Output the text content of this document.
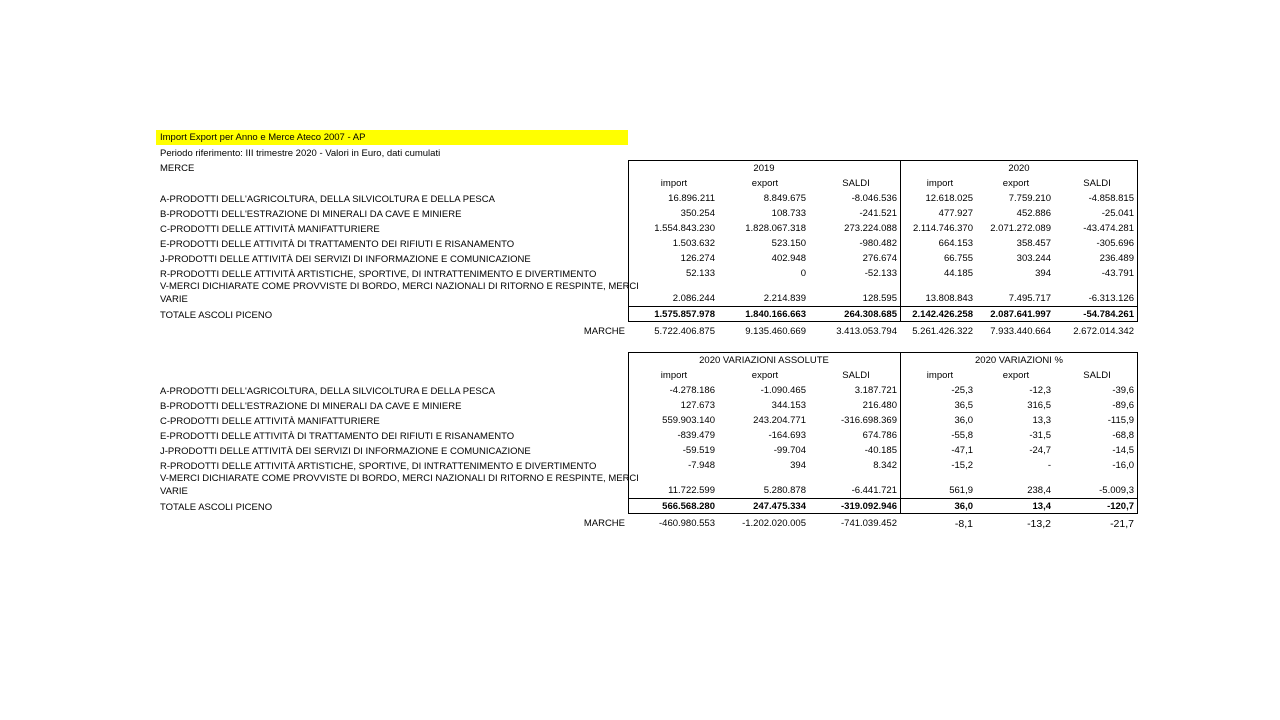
Import Export per Anno e Merce Ateco 2007 - AP
Periodo riferimento: III trimestre 2020 - Valori in Euro, dati cumulati
MERCE	2019	2020
import	export	SALDI	import	export	SALDI
A-PRODOTTI DELL'AGRICOLTURA, DELLA SILVICOLTURA E DELLA PESCA	16.896.211	8.849.675	-8.046.536	12.618.025	7.759.210	-4.858.815
B-PRODOTTI DELL'ESTRAZIONE DI MINERALI DA CAVE E MINIERE	350.254	108.733	-241.521	477.927	452.886	-25.041
C-PRODOTTI DELLE ATTIVITÀ MANIFATTURIERE	1.554.843.230	1.828.067.318	273.224.088	2.114.746.370	2.071.272.089	-43.474.281
E-PRODOTTI DELLE ATTIVITÀ DI TRATTAMENTO DEI RIFIUTI E RISANAMENTO	1.503.632	523.150	-980.482	664.153	358.457	-305.696
J-PRODOTTI DELLE ATTIVITÀ DEI SERVIZI DI INFORMAZIONE E COMUNICAZIONE	126.274	402.948	276.674	66.755	303.244	236.489
R-PRODOTTI DELLE ATTIVITÀ ARTISTICHE, SPORTIVE, DI INTRATTENIMENTO E DIVERTIMENTO	52.133	0	-52.133	44.185	394	-43.791
V-MERCI DICHIARATE COME PROVVISTE DI BORDO, MERCI NAZIONALI DI RITORNO E RESPINTE, MERCI
VARIE	2.086.244	2.214.839	128.595	13.808.843	7.495.717	-6.313.126
TOTALE ASCOLI PICENO	1.575.857.978	1.840.166.663	264.308.685	2.142.426.258	2.087.641.997	-54.784.261
MARCHE	5.722.406.875	9.135.460.669	3.413.053.794	5.261.426.322	7.933.440.664	2.672.014.342
2020 VARIAZIONI ASSOLUTE	2020 VARIAZIONI %
import	export	SALDI	import	export	SALDI
A-PRODOTTI DELL'AGRICOLTURA, DELLA SILVICOLTURA E DELLA PESCA	-4.278.186	-1.090.465	3.187.721	-25,3	-12,3	-39,6
B-PRODOTTI DELL'ESTRAZIONE DI MINERALI DA CAVE E MINIERE	127.673	344.153	216.480	36,5	316,5	-89,6
C-PRODOTTI DELLE ATTIVITÀ MANIFATTURIERE	559.903.140	243.204.771	-316.698.369	36,0	13,3	-115,9
E-PRODOTTI DELLE ATTIVITÀ DI TRATTAMENTO DEI RIFIUTI E RISANAMENTO	-839.479	-164.693	674.786	-55,8	-31,5	-68,8
J-PRODOTTI DELLE ATTIVITÀ DEI SERVIZI DI INFORMAZIONE E COMUNICAZIONE	-59.519	-99.704	-40.185	-47,1	-24,7	-14,5
R-PRODOTTI DELLE ATTIVITÀ ARTISTICHE, SPORTIVE, DI INTRATTENIMENTO E DIVERTIMENTO	-7.948	394	8.342	-15,2	-	-16,0
V-MERCI DICHIARATE COME PROVVISTE DI BORDO, MERCI NAZIONALI DI RITORNO E RESPINTE, MERCI
VARIE	11.722.599	5.280.878	-6.441.721	561,9	238,4	-5.009,3
TOTALE ASCOLI PICENO	566.568.280	247.475.334	-319.092.946	36,0	13,4	-120,7
MARCHE	-460.980.553	-1.202.020.005	-741.039.452	-8,1	-13,2	-21,7
